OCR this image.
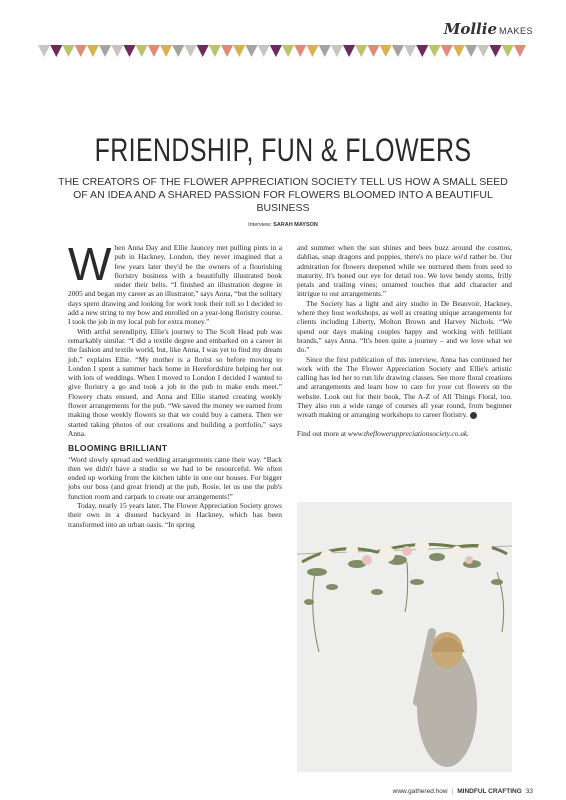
Mollie MAKES
FRIENDSHIP, FUN & FLOWERS

THE CREATORS OF THE FLOWER APPRECIATION SOCIETY TELL US HOW A SMALL SEED OF AN IDEA AND A SHARED PASSION FOR FLOWERS BLOOMED INTO A BEAUTIFUL BUSINESS

Interview: SARAH MAYSON
W hen Anna Day and Ellie Jauncey met pulling pints in a pub in Hackney, London, they never imagined that a few years later they'd be the owners of a flourishing floristry business with a beautifully illustrated book under their belts. “I finished an illustration degree in 2005 and began my career as an illustrator,” says Anna, “but the solitary days spent drawing and looking for work took their toll so I decided to add a new string to my bow and enrolled on a year-long floristry course. I took the job in my local pub for extra money.”

With artful serendipity, Ellie's journey to The Scolt Head pub was remarkably similar. “I did a textile degree and embarked on a career in the fashion and textile world, but, like Anna, I was yet to find my dream job,” explains Ellie. “My mother is a florist so before moving to London I spent a summer back home in Herefordshire helping her out with lots of weddings. When I moved to London I decided I wanted to give floristry a go and took a job in the pub to make ends meet.” Flowery chats ensued, and Anna and Ellie started creating weekly flower arrangements for the pub. “We saved the money we earned from making those weekly flowers so that we could buy a camera. Then we started taking photos of our creations and building a portfolio,” says Anna.

BLOOMING BRILLIANT

‘Word slowly spread and wedding arrangements came their way. “Back then we didn't have a studio so we had to be resourceful. We often ended up working from the kitchen table in one our houses. For bigger jobs our boss (and great friend) at the pub, Rosie, let us use the pub's function room and carpark to create our arrangements!”

Today, nearly 15 years later, The Flower Appreciation Society grows their own in a disused backyard in Hackney, which has been transformed into an urban oasis. “In spring

and summer when the sun shines and bees buzz around the cosmos, dahlias, snap dragons and poppies, there's no place we'd rather be. Our admiration for flowers deepened while we nurtured them from seed to maturity. It's honed our eye for detail too. We love bendy stems, frilly petals and trailing vines; untamed touches that add character and intrigue to our arrangements.”

The Society has a light and airy studio in De Beauvoir, Hackney, where they host workshops, as well as creating unique arrangements for clients including Liberty, Molton Brown and Harvey Nichols. “We spend our days making couples happy and working with brilliant brands,” says Anna. “It's been quite a journey – and we love what we do.”

Since the first publication of this interview, Anna has continued her work with the The Flower Appreciation Society and Ellie's artistic calling has led her to run life drawing classes. See more floral creations and arrangements and learn how to care for your cut flowers on the website. Look out for their book, The A-Z of All Things Floral, too. They also run a wide range of courses all year round, from beginner wreath making or arranging workshops to career floristry.

Find out more at www.thefloweruppreciationsociety.co.uk.

www.gathered.how | MINDFUL CRAFTING 33
